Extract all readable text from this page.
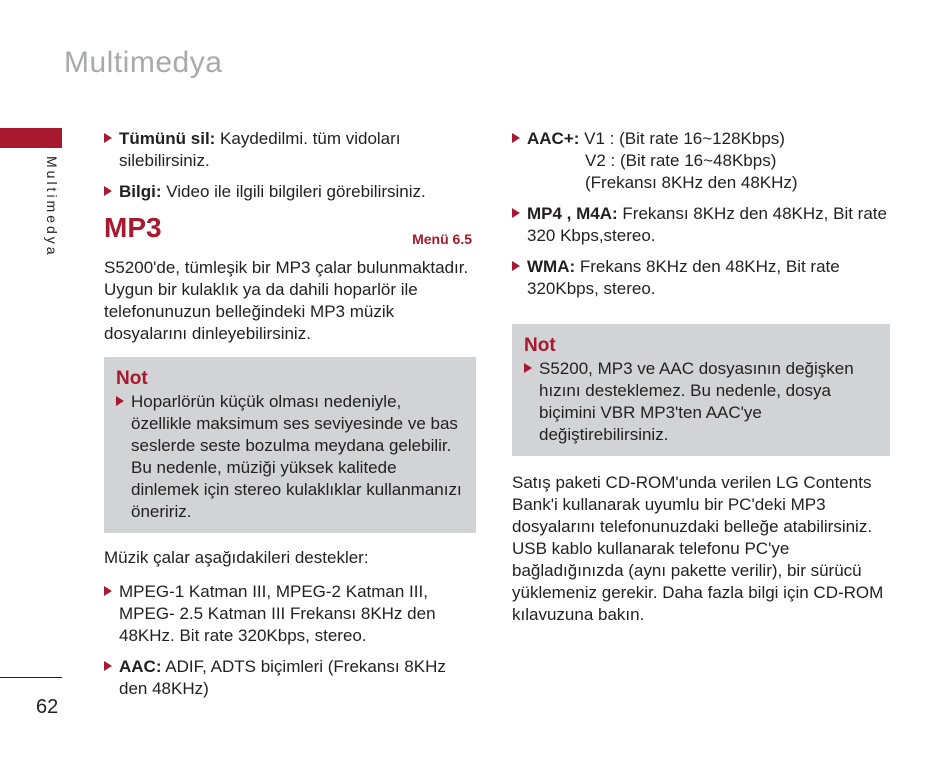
Multimedya
Multimedya
62
Tümünü sil: Kaydedilmi. tüm vidoları silebilirsiniz.
Bilgi: Video ile ilgili bilgileri görebilirsiniz.
MP3	Menü 6.5
S5200'de, tümleşik bir MP3 çalar bulunmaktadır. Uygun bir kulaklık ya da dahili hoparlör ile telefonunuzun belleğindeki MP3 müzik dosyalarını dinleyebilirsiniz.
Not
Hoparlörün küçük olması nedeniyle, özellikle maksimum ses seviyesinde ve bas seslerde seste bozulma meydana gelebilir. Bu nedenle, müziği yüksek kalitede dinlemek için stereo kulaklıklar kullanmanızı öneririz.
Müzik çalar aşağıdakileri destekler:
MPEG-1 Katman III, MPEG-2 Katman III, MPEG- 2.5 Katman III Frekansı 8KHz den 48KHz. Bit rate 320Kbps, stereo.
AAC: ADIF, ADTS biçimleri (Frekansı 8KHz den 48KHz)
AAC+: V1 : (Bit rate 16~128Kbps)
V2 : (Bit rate 16~48Kbps)
(Frekansı 8KHz den 48KHz)
MP4 , M4A: Frekansı 8KHz den 48KHz, Bit rate 320 Kbps,stereo.
WMA: Frekans 8KHz den 48KHz, Bit rate 320Kbps, stereo.
Not
S5200, MP3 ve AAC dosyasının değişken hızını desteklemez. Bu nedenle, dosya biçimini VBR MP3'ten AAC'ye değiştirebilirsiniz.
Satış paketi CD-ROM'unda verilen LG Contents Bank'i kullanarak uyumlu bir PC'deki MP3 dosyalarını telefonunuzdaki belleğe atabilirsiniz. USB kablo kullanarak telefonu PC'ye bağladığınızda (aynı pakette verilir), bir sürücü yüklemeniz gerekir. Daha fazla bilgi için CD-ROM kılavuzuna bakın.
